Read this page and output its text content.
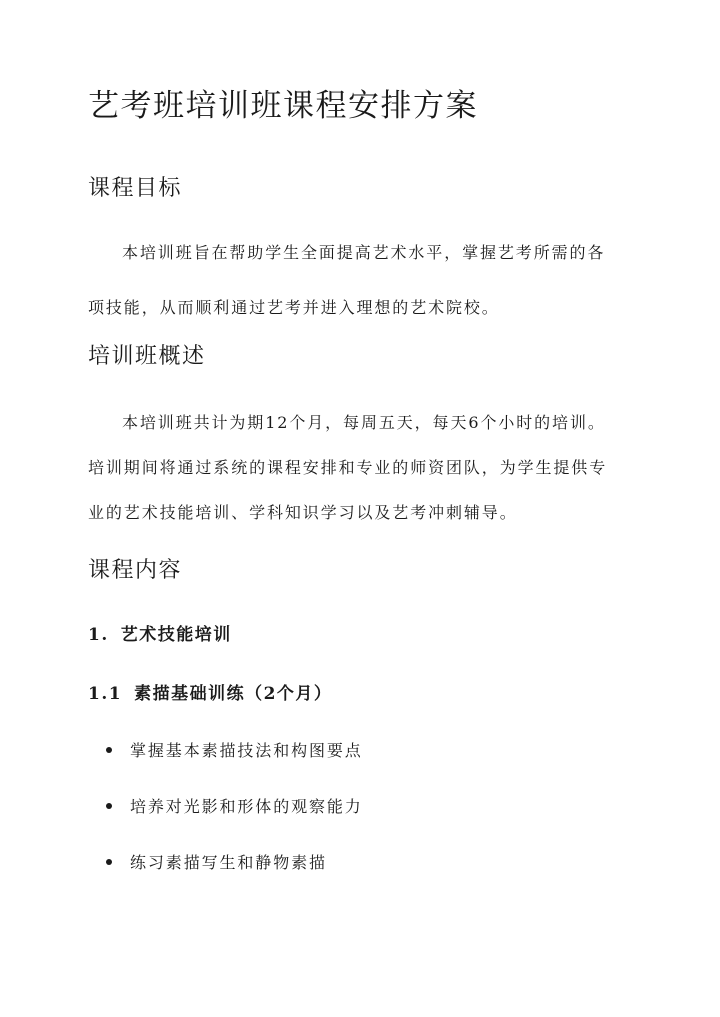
艺考班培训班课程安排方案
课程目标

本培训班旨在帮助学生全面提高艺术水平，掌握艺考所需的各
项技能，从而顺利通过艺考并进入理想的艺术院校。

培训班概述

本培训班共计为期12个月，每周五天，每天6个小时的培训。
培训期间将通过系统的课程安排和专业的师资团队，为学生提供专
业的艺术技能培训、学科知识学习以及艺考冲刺辅导。

课程内容
1. 艺术技能培训
1.1 素描基础训练（2个月）
掌握基本素描技法和构图要点
培养对光影和形体的观察能力
练习素描写生和静物素描
